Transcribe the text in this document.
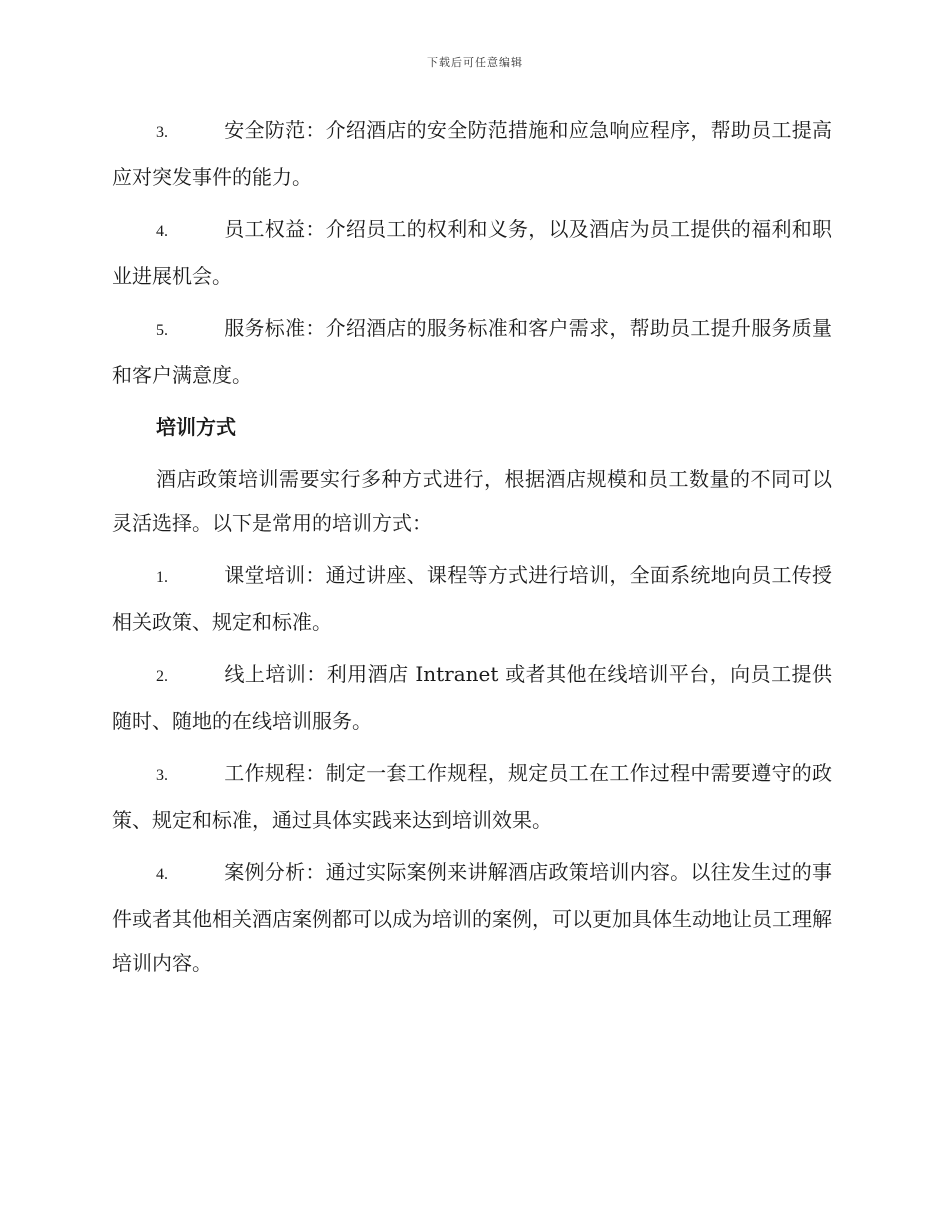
下载后可任意编辑

3.	安全防范：介绍酒店的安全防范措施和应急响应程序，帮助员工提高应对突发事件的能力。

4.	员工权益：介绍员工的权利和义务，以及酒店为员工提供的福利和职业进展机会。

5.	服务标准：介绍酒店的服务标准和客户需求，帮助员工提升服务质量和客户满意度。

培训方式

酒店政策培训需要实行多种方式进行，根据酒店规模和员工数量的不同可以灵活选择。以下是常用的培训方式：

1.	课堂培训：通过讲座、课程等方式进行培训，全面系统地向员工传授相关政策、规定和标准。

2.	线上培训：利用酒店 Intranet 或者其他在线培训平台，向员工提供随时、随地的在线培训服务。

3.	工作规程：制定一套工作规程，规定员工在工作过程中需要遵守的政策、规定和标准，通过具体实践来达到培训效果。

4.	案例分析：通过实际案例来讲解酒店政策培训内容。以往发生过的事件或者其他相关酒店案例都可以成为培训的案例，可以更加具体生动地让员工理解培训内容。
